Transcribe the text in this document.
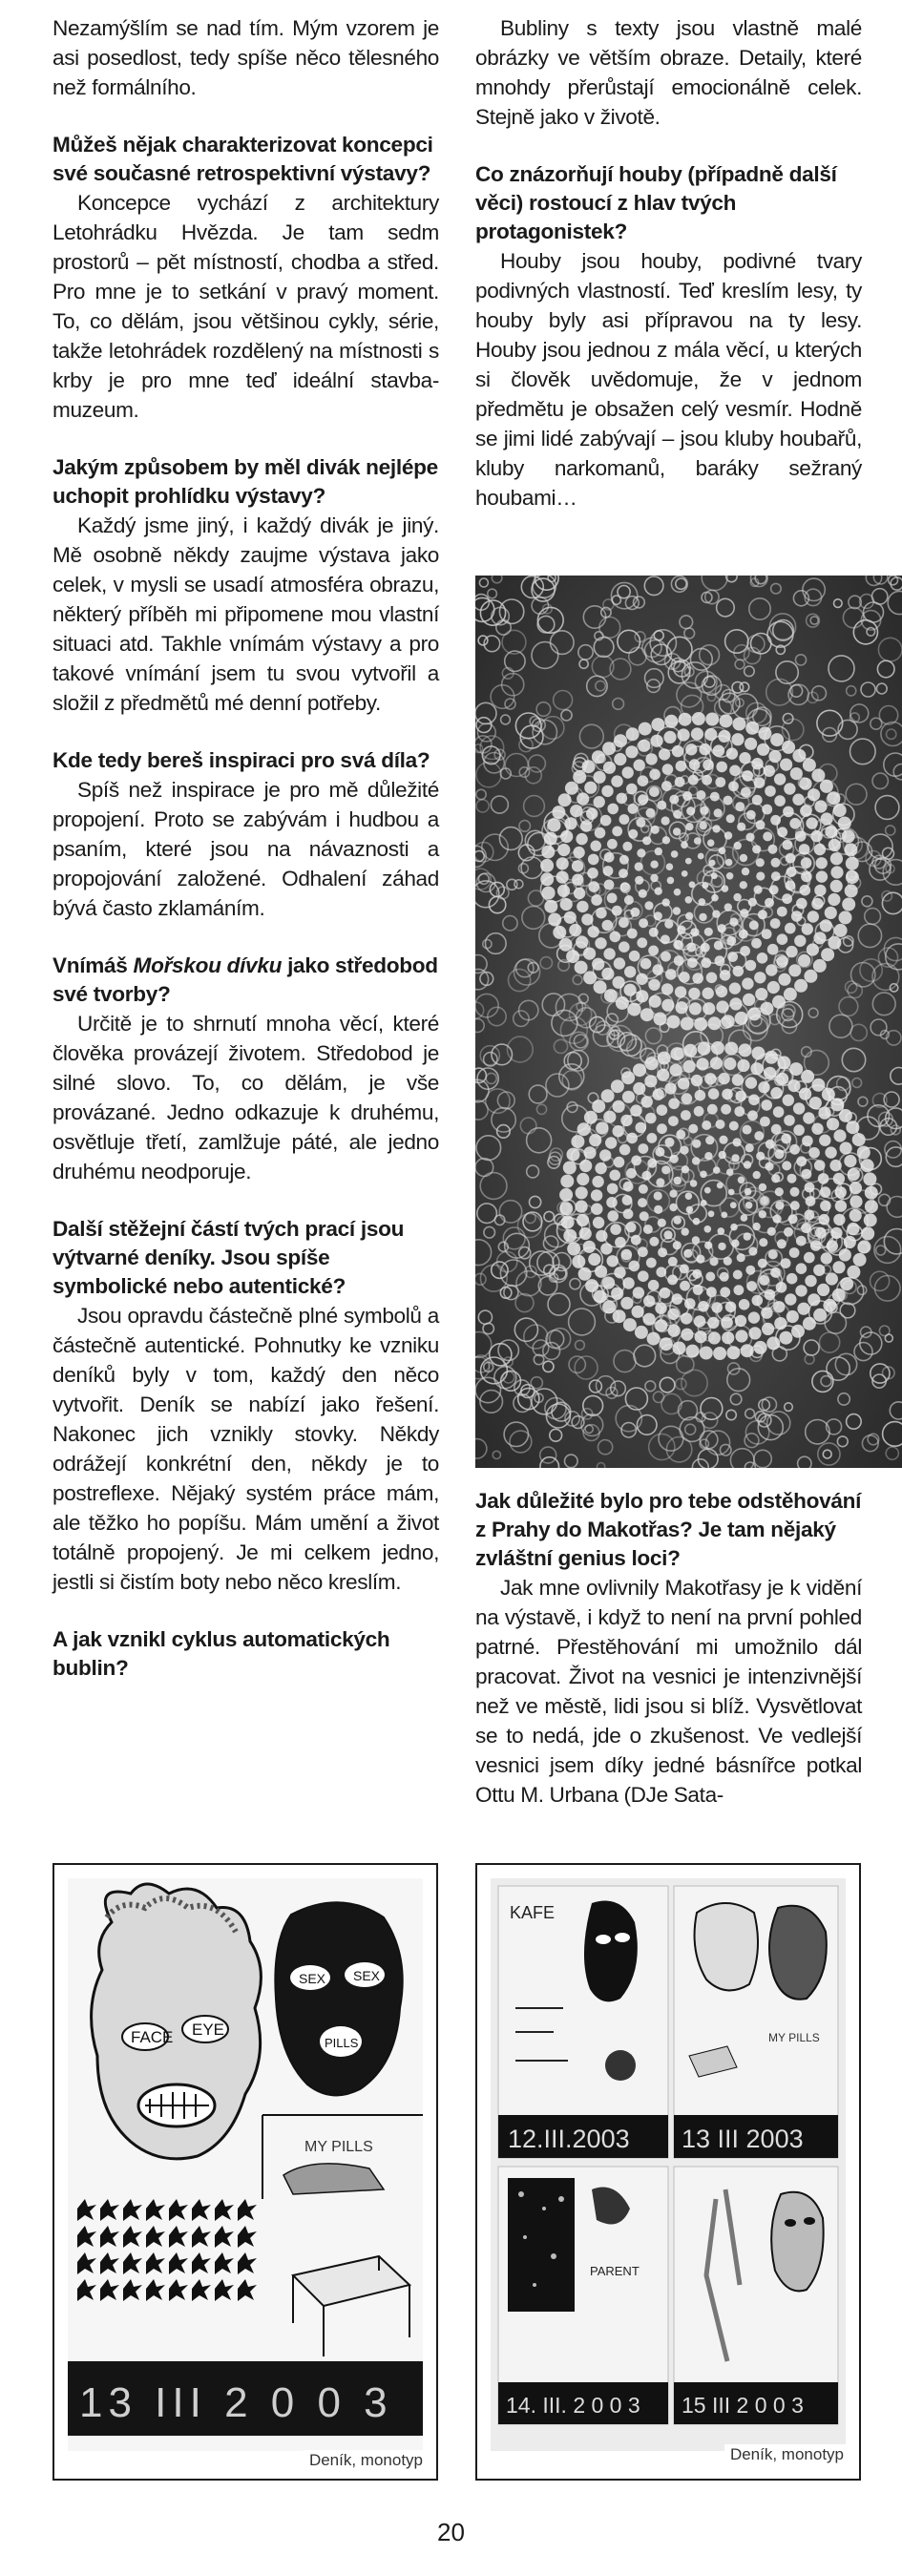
Nezamýšlím se nad tím. Mým vzorem je asi posedlost, tedy spíše něco tělesného než formálního.

Můžeš nějak charakterizovat koncepci své současné retrospektivní výstavy?

Koncepce vychází z architektury Letohrádku Hvězda. Je tam sedm prostorů – pět místností, chodba a střed. Pro mne je to setkání v pravý moment. To, co dělám, jsou většinou cykly, série, takže letohrádek rozdělený na místnosti s krby je pro mne teď ideální stavba-muzeum.

Jakým způsobem by měl divák nejlépe uchopit prohlídku výstavy?

Každý jsme jiný, i každý divák je jiný. Mě osobně někdy zaujme výstava jako celek, v mysli se usadí atmosféra obrazu, některý příběh mi připomene mou vlastní situaci atd. Takhle vnímám výstavy a pro takové vnímání jsem tu svou vytvořil a složil z předmětů mé denní potřeby.

Kde tedy bereš inspiraci pro svá díla?

Spíš než inspirace je pro mě důležité propojení. Proto se zabývám i hudbou a psaním, které jsou na návaznosti a propojování založené. Odhalení záhad bývá často zklamáním.

Vnímáš Mořskou dívku jako středobod své tvorby?

Určitě je to shrnutí mnoha věcí, které člověka provázejí životem. Středobod je silné slovo. To, co dělám, je vše provázané. Jedno odkazuje k druhému, osvětluje třetí, zamlžuje páté, ale jedno druhému neodporuje.

Další stěžejní částí tvých prací jsou výtvarné deníky. Jsou spíše symbolické nebo autentické?

Jsou opravdu částečně plné symbolů a částečně autentické. Pohnutky ke vzniku deníků byly v tom, každý den něco vytvořit. Deník se nabízí jako řešení. Nakonec jich vznikly stovky. Někdy odrážejí konkrétní den, někdy je to postreflexe. Nějaký systém práce mám, ale těžko ho popíšu. Mám umění a život totálně propojený. Je mi celkem jedno, jestli si čistím boty nebo něco kreslím.

A jak vznikl cyklus automatických bublin?

Bubliny s texty jsou vlastně malé obrázky ve větším obraze. Detaily, které mnohdy přerůstají emocionálně celek. Stejně jako v životě.

Co znázorňují houby (případně další věci) rostoucí z hlav tvých protagonistek?

Houby jsou houby, podivné tvary podivných vlastností. Teď kreslím lesy, ty houby byly asi přípravou na ty lesy. Houby jsou jednou z mála věcí, u kterých si člověk uvědomuje, že v jednom předmětu je obsažen celý vesmír. Hodně se jimi lidé zabývají – jsou kluby houbařů, kluby narkomanů, baráky sežraný houbami…

Jak důležité bylo pro tebe odstěhování z Prahy do Makotřas? Je tam nějaký zvláštní genius loci?

Jak mne ovlivnily Makotřasy je k vidění na výstavě, i když to není na první pohled patrné. Přestěhování mi umožnilo dál pracovat. Život na vesnici je intenzivnější než ve městě, lidi jsou si blíž. Vysvětlovat se to nedá, jde o zkušenost. Ve vedlejší vesnici jsem díky jedné básnířce potkal Ottu M. Urbana (DJe Sata-

FACE EYE
SEX SEX
PILLS
MY PILLS
13 III 2 0 0 3
Deník, monotyp
KAFE
12.III.2003
MY PILLS
13 III 2003
PARENT
14. III. 2 0 0 3 15 III 2 0 0 3
Deník, monotyp
20
